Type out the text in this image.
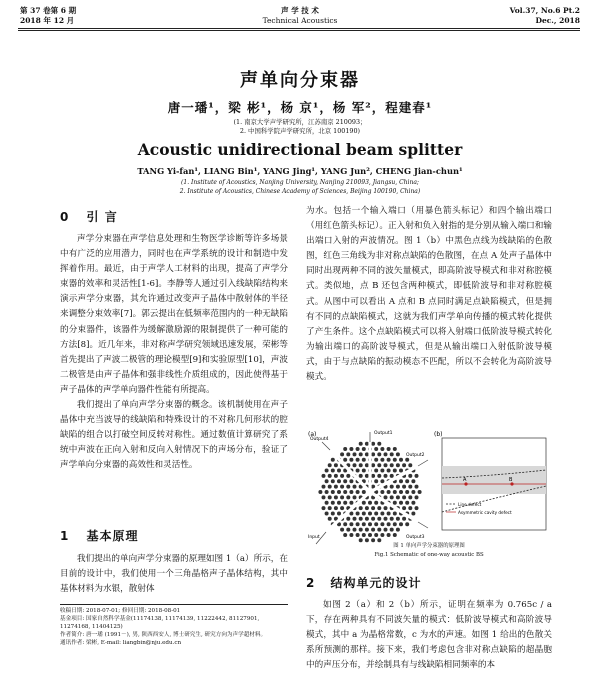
第 37 卷第 6 期
2018 年 12 月
声 学 技 术
Technical Acoustics
Vol.37, No.6 Pt.2
Dec., 2018
声单向分束器
唐一璠¹，梁 彬¹，杨 京¹，杨 军²，程建春¹
(1. 南京大学声学研究所，江苏南京 210093；
2. 中国科学院声学研究所，北京 100190)
Acoustic unidirectional beam splitter
TANG Yi-fan¹, LIANG Bin¹, YANG Jing¹, YANG Jun², CHENG Jian-chun¹
(1. Institute of Acoustics, Nanjing University, Nanjing 210093, Jiangsu, China;
2. Institute of Acoustics, Chinese Academy of Sciences, Beijing 100190, China)
0 引 言

声学分束器在声学信息处理和生物医学诊断等许多场景中有广泛的应用潜力，同时也在声学系统的设计和制造中发挥着作用。最近，由于声学人工材料的出现，提高了声学分束器的效率和灵活性[1-6]。李静等人通过引入线缺陷结构来演示声学分束器，其允许通过改变声子晶体中散射体的半径来调整分束效率[7]。郭云提出在低频率范围内的一种无缺陷的分束器件，该器件为缓解激励源的限制提供了一种可能的方法[8]。近几年来，非对称声学研究领域迅速发展，荣彬等首先提出了声波二极管的理论模型[9]和实验原型[10]，声波二极管是由声子晶体和强非线性介质组成的，因此使得基于声子晶体的声学单向器件性能有所提高。

我们提出了单向声学分束器的概念。该机制使用在声子晶体中充当波导的线缺陷和特殊设计的不对称几何形状的腔缺陷的组合以打破空间反转对称性。通过数值计算研究了系统中声波在正向入射和反向入射情况下的声场分布，验证了声学单向分束器的高效性和灵活性。

1 基本原理

我们提出的单向声学分束器的原理如图 1（a）所示，在目前的设计中，我们使用一个三角晶格声子晶体结构，其中基体材料为水银，散射体

收稿日期: 2018-07-01; 修回日期: 2018-08-01
基金项目: 国家自然科学基金(11174138, 11174139, 11222442, 81127901, 11274168, 11404125)
作者简介: 唐一璠 (1991－), 男, 陕西西安人, 博士研究生, 研究方向为声学超材料。
通讯作者: 梁彬, E-mail: liangbin@nju.edu.cn

为水。包括一个输入端口（用暴色箭头标记）和四个输出端口（用红色箭头标记）。正入射和负入射指的是分别从输入端口和输出端口入射的声波情况。图 1（b）中黑色点线为线缺陷的色散图，红色三角线为非对称点缺陷的色散图，在点 A 处声子晶体中同时出现两种不同的波矢量模式，即高阶波导模式和非对称腔模式。类似地，点 B 还包含两种模式，即低阶波导和非对称腔模式。从图中可以看出 A 点和 B 点同时满足点缺陷模式，但是拥有不同的点缺陷模式，这就为我们声学单向传播的模式转化提供了产生条件。这个点缺陷模式可以将入射端口低阶波导模式转化为输出端口的高阶波导模式，但是从输出端口入射低阶波导模式，由于与点缺陷的振动模态不匹配，所以不会转化为高阶波导模式。

(a)
Input
Output1
Output2
Output3
Output4
(b)
A	B
Line defect
Asymmetric cavity defect
图 1 单向声学分束器的原理图
Fig.1 Schematic of one-way acoustic BS
2 结构单元的设计

如图 2（a）和 2（b）所示，证明在频率为 0.765c / a 下，存在两种具有不同波矢量的模式：低阶波导模式和高阶波导模式，其中 a 为晶格常数，c 为水的声速。如图 1 给出的色散关系所预测的那样。接下来，我们考虑包含非对称点缺陷的超晶胞中的声压分布，并绘制具有与线缺陷相同频率的本
